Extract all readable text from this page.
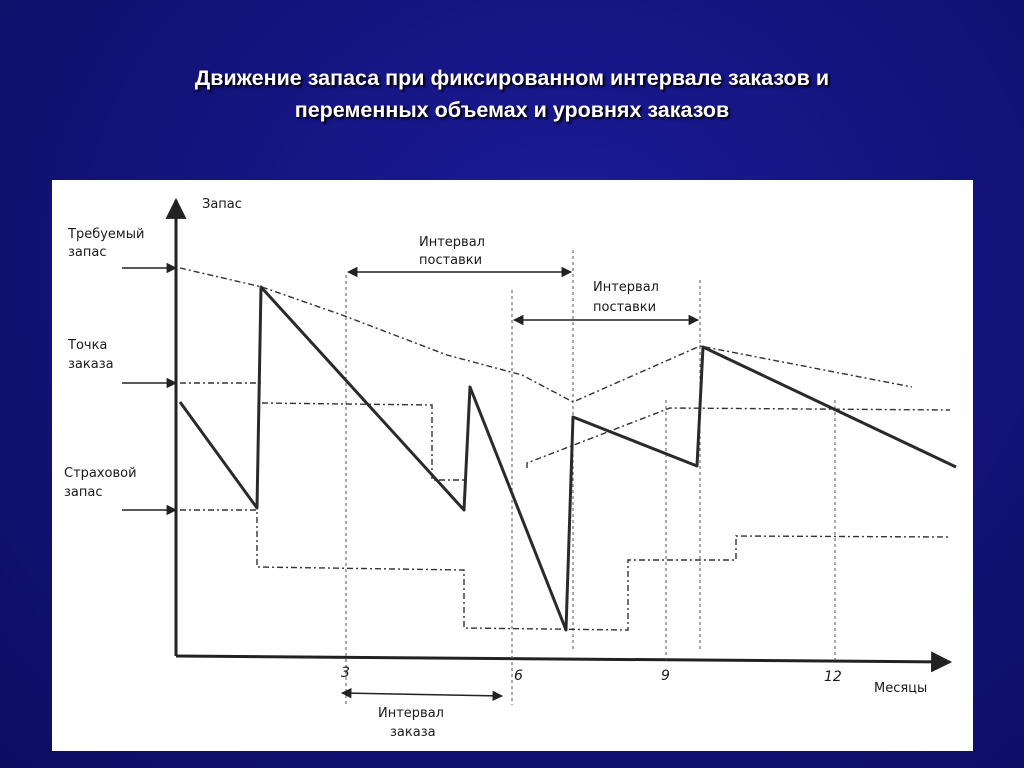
Движение запаса при фиксированном интервале заказов и
переменных объемах и уровнях заказов
Запас
Месяцы
3	6	9	12
Требуемый
запас
Точка
заказа
Страховой
запас
Интервал
поставки
Интервал
поставки
Интервал
заказа
